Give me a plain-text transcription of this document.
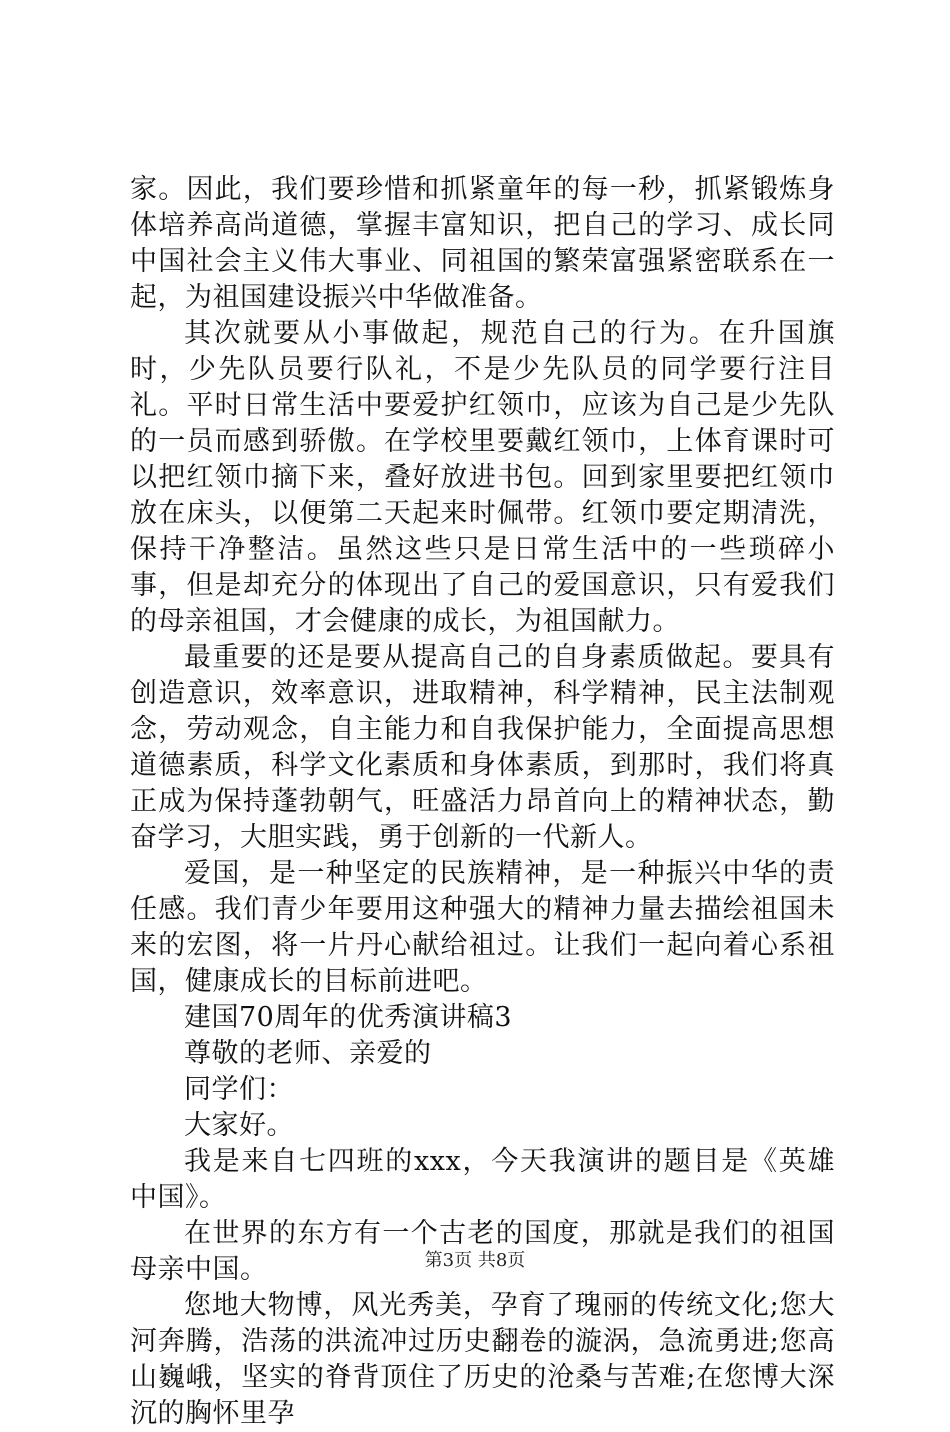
家。因此，我们要珍惜和抓紧童年的每一秒，抓紧锻炼身体培养高尚道德，掌握丰富知识，把自己的学习、成长同中国社会主义伟大事业、同祖国的繁荣富强紧密联系在一起，为祖国建设振兴中华做准备。

其次就要从小事做起，规范自己的行为。在升国旗时，少先队员要行队礼，不是少先队员的同学要行注目礼。平时日常生活中要爱护红领巾，应该为自己是少先队的一员而感到骄傲。在学校里要戴红领巾，上体育课时可以把红领巾摘下来，叠好放进书包。回到家里要把红领巾放在床头，以便第二天起来时佩带。红领巾要定期清洗，保持干净整洁。虽然这些只是日常生活中的一些琐碎小事，但是却充分的体现出了自己的爱国意识，只有爱我们的母亲祖国，才会健康的成长，为祖国献力。

最重要的还是要从提高自己的自身素质做起。要具有创造意识，效率意识，进取精神，科学精神，民主法制观念，劳动观念，自主能力和自我保护能力，全面提高思想道德素质，科学文化素质和身体素质，到那时，我们将真正成为保持蓬勃朝气，旺盛活力昂首向上的精神状态，勤奋学习，大胆实践，勇于创新的一代新人。

爱国，是一种坚定的民族精神，是一种振兴中华的责任感。我们青少年要用这种强大的精神力量去描绘祖国未来的宏图，将一片丹心献给祖过。让我们一起向着心系祖国，健康成长的目标前进吧。

建国70周年的优秀演讲稿3

尊敬的老师、亲爱的

同学们：

大家好。

我是来自七四班的xxx，今天我演讲的题目是《英雄中国》。

在世界的东方有一个古老的国度，那就是我们的祖国母亲中国。

您地大物博，风光秀美，孕育了瑰丽的传统文化;您大河奔腾，浩荡的洪流冲过历史翻卷的漩涡，急流勇进;您高山巍峨，坚实的脊背顶住了历史的沧桑与苦难;在您博大深沉的胸怀里孕

第3页 共8页
